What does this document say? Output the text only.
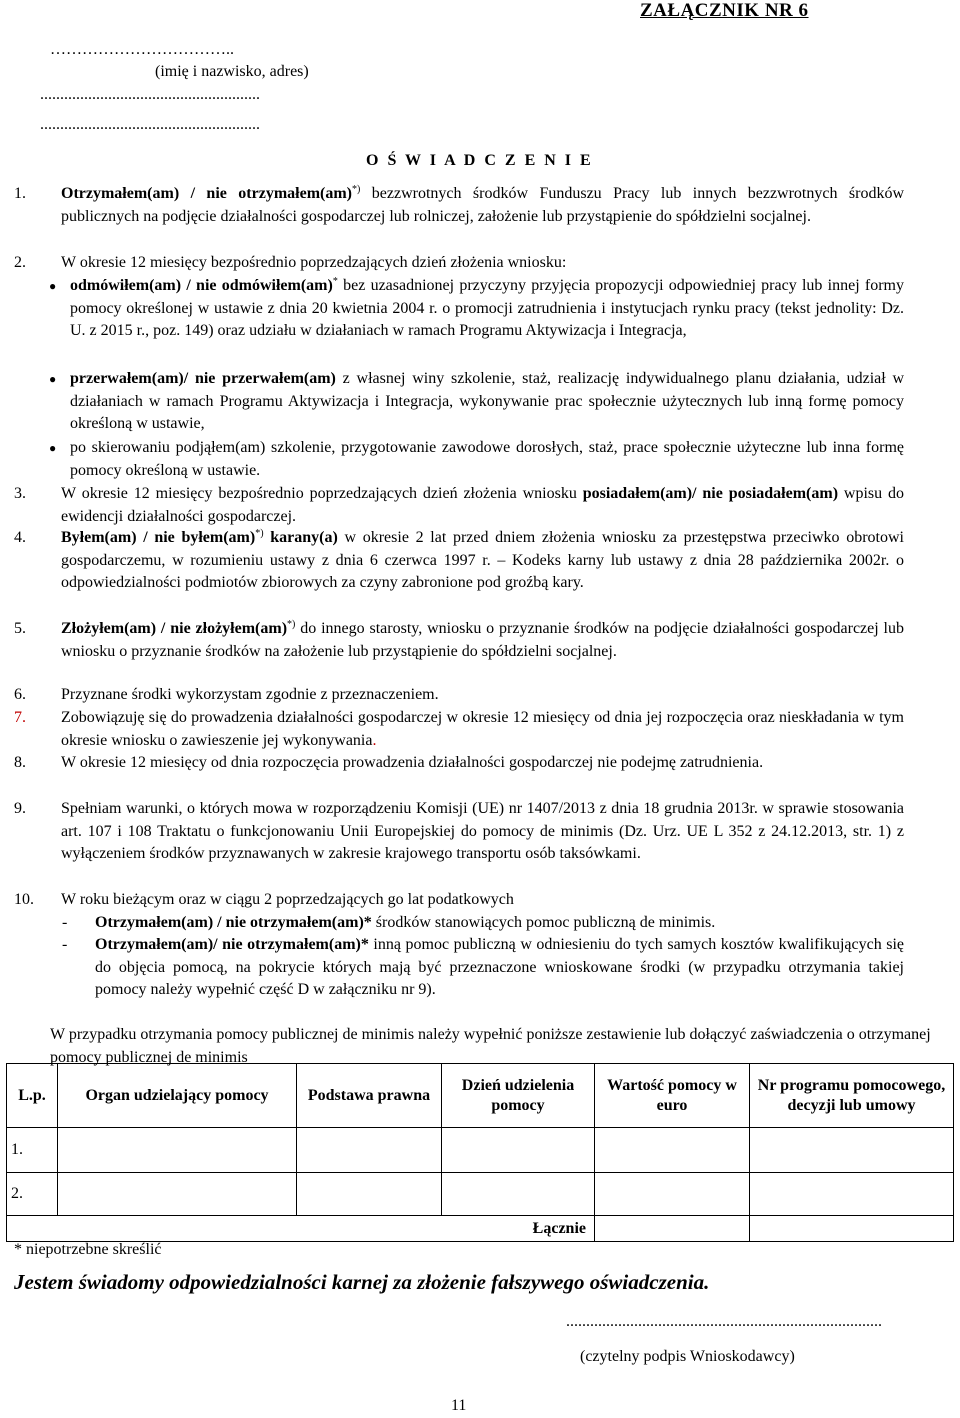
ZAŁĄCZNIK NR 6
……………………………..
(imię i nazwisko, adres)
.......................................................
.......................................................
O Ś W I A D C Z E N I E
1.	Otrzymałem(am) / nie otrzymałem(am)*) bezzwrotnych środków Funduszu Pracy lub innych bezzwrotnych środków publicznych na podjęcie działalności gospodarczej lub rolniczej, założenie lub przystąpienie do spółdzielni socjalnej.
2.	W okresie 12 miesięcy bezpośrednio poprzedzających dzień złożenia wniosku:
● odmówiłem(am) / nie odmówiłem(am)* bez uzasadnionej przyczyny przyjęcia propozycji odpowiedniej pracy lub innej formy pomocy określonej w ustawie z dnia 20 kwietnia 2004 r. o promocji zatrudnienia i instytucjach rynku pracy (tekst jednolity: Dz. U. z 2015 r., poz. 149) oraz udziału w działaniach w ramach Programu Aktywizacja i Integracja,
● przerwałem(am)/ nie przerwałem(am) z własnej winy szkolenie, staż, realizację indywidualnego planu działania, udział w działaniach w ramach Programu Aktywizacja i Integracja, wykonywanie prac społecznie użytecznych lub inną formę pomocy określoną w ustawie,
● po skierowaniu podjąłem(am) szkolenie, przygotowanie zawodowe dorosłych, staż, prace społecznie użyteczne lub inna formę pomocy określoną w ustawie.
3.	W okresie 12 miesięcy bezpośrednio poprzedzających dzień złożenia wniosku posiadałem(am)/ nie posiadałem(am) wpisu do ewidencji działalności gospodarczej.
4.	Byłem(am) / nie byłem(am)*) karany(a) w okresie 2 lat przed dniem złożenia wniosku za przestępstwa przeciwko obrotowi gospodarczemu, w rozumieniu ustawy z dnia 6 czerwca 1997 r. – Kodeks karny lub ustawy z dnia 28 października 2002r. o odpowiedzialności podmiotów zbiorowych za czyny zabronione pod groźbą kary.
5.	Złożyłem(am) / nie złożyłem(am)*) do innego starosty, wniosku o przyznanie środków na podjęcie działalności gospodarczej lub wniosku o przyznanie środków na założenie lub przystąpienie do spółdzielni socjalnej.
6.	Przyznane środki wykorzystam zgodnie z przeznaczeniem.
7.	Zobowiązuję się do prowadzenia działalności gospodarczej w okresie 12 miesięcy od dnia jej rozpoczęcia oraz nieskładania w tym okresie wniosku o zawieszenie jej wykonywania.
8.	W okresie 12 miesięcy od dnia rozpoczęcia prowadzenia działalności gospodarczej nie podejmę zatrudnienia.
9.	Spełniam warunki, o których mowa w rozporządzeniu Komisji (UE) nr 1407/2013 z dnia 18 grudnia 2013r. w sprawie stosowania art. 107 i 108 Traktatu o funkcjonowaniu Unii Europejskiej do pomocy de minimis (Dz. Urz. UE L 352 z 24.12.2013, str. 1) z wyłączeniem środków przyznawanych w zakresie krajowego transportu osób taksówkami.
10.	W roku bieżącym oraz w ciągu 2 poprzedzających go lat podatkowych
- Otrzymałem(am) / nie otrzymałem(am)* środków stanowiących pomoc publiczną de minimis.
- Otrzymałem(am)/ nie otrzymałem(am)* inną pomoc publiczną w odniesieniu do tych samych kosztów kwalifikujących się do objęcia pomocą, na pokrycie których mają być przeznaczone wnioskowane środki (w przypadku otrzymania takiej pomocy należy wypełnić część D w załączniku nr 9).
W przypadku otrzymania pomocy publicznej de minimis należy wypełnić poniższe zestawienie lub dołączyć zaświadczenia o otrzymanej pomocy publicznej de minimis
L.p.	Organ udzielający pomocy	Podstawa prawna	Dzień udzielenia pomocy	Wartość pomocy w euro	Nr programu pomocowego, decyzji lub umowy
1.					
2.					
Łącznie					
* niepotrzebne skreślić
Jestem świadomy odpowiedzialności karnej za złożenie fałszywego oświadczenia.
...............................................................................
(czytelny podpis Wnioskodawcy)
11
